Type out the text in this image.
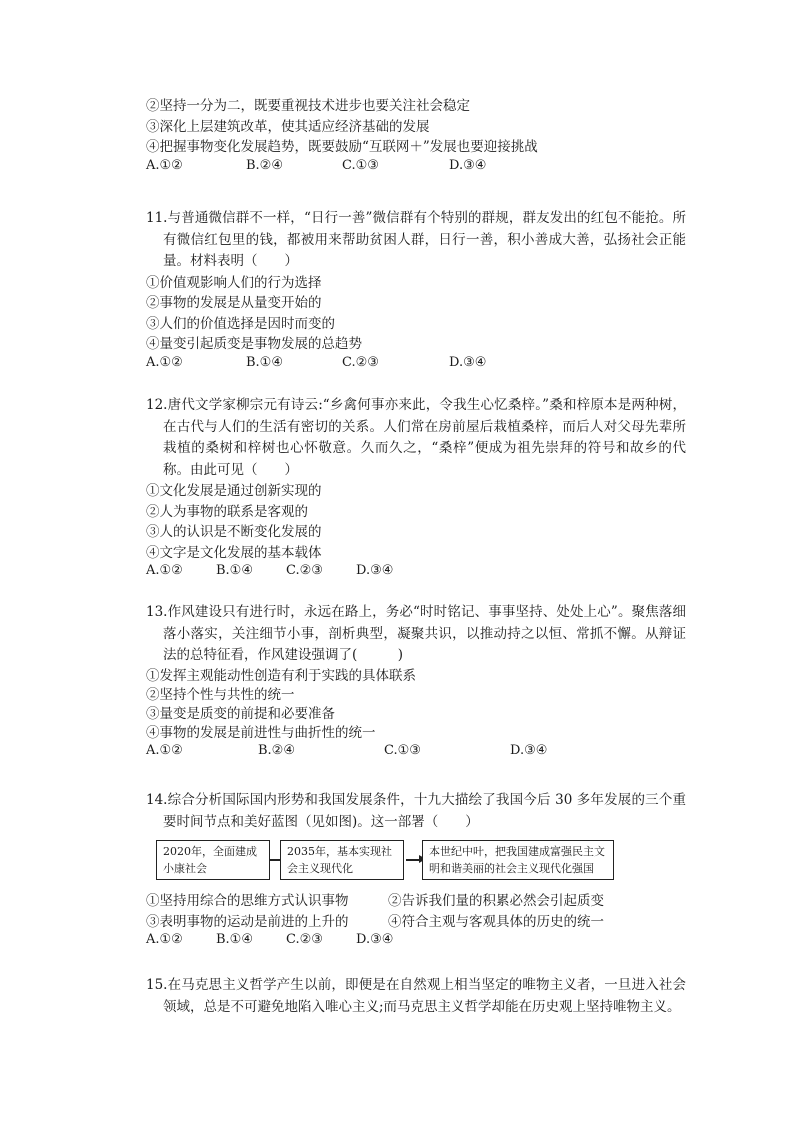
②坚持一分为二，既要重视技术进步也要关注社会稳定
③深化上层建筑改革，使其适应经济基础的发展
④把握事物变化发展趋势，既要鼓励“互联网＋”发展也要迎接挑战
A.①②	B.②④	C.①③	D.③④
11.与普通微信群不一样，“日行一善”微信群有个特别的群规，群友发出的红包不能抢。所有微信红包里的钱，都被用来帮助贫困人群，日行一善，积小善成大善，弘扬社会正能量。材料表明（　　）
①价值观影响人们的行为选择
②事物的发展是从量变开始的
③人们的价值选择是因时而变的
④量变引起质变是事物发展的总趋势
A.①②	B.①④	C.②③	D.③④
12.唐代文学家柳宗元有诗云:“乡禽何事亦来此，令我生心忆桑梓。”桑和梓原本是两种树，在古代与人们的生活有密切的关系。人们常在房前屋后栽植桑梓，而后人对父母先辈所栽植的桑树和梓树也心怀敬意。久而久之，“桑梓”便成为祖先崇拜的符号和故乡的代称。由此可见（　　）
①文化发展是通过创新实现的
②人为事物的联系是客观的
③人的认识是不断变化发展的
④文字是文化发展的基本载体
A.①②	B.①④	C.②③	D.③④
13.作风建设只有进行时，永远在路上，务必“时时铭记、事事坚持、处处上心”。聚焦落细落小落实，关注细节小事，剖析典型，凝聚共识，以推动持之以恒、常抓不懈。从辩证法的总特征看，作风建设强调了(　　　)
①发挥主观能动性创造有利于实践的具体联系
②坚持个性与共性的统一
③量变是质变的前提和必要准备
④事物的发展是前进性与曲折性的统一
A.①②	B.②④	C.①③	D.③④
14.综合分析国际国内形势和我国发展条件，十九大描绘了我国今后 30 多年发展的三个重要时间节点和美好蓝图（见如图)。这一部署（　　）
2020年，全面建成小康社会
2035年，基本实现社会主义现代化
本世纪中叶，把我国建成富强民主文明和谐美丽的社会主义现代化强国
①坚持用综合的思维方式认识事物	②告诉我们量的积累必然会引起质变
③表明事物的运动是前进的上升的	④符合主观与客观具体的历史的统一
A.①②	B.①④	C.②③	D.③④
15.在马克思主义哲学产生以前，即便是在自然观上相当坚定的唯物主义者，一旦进入社会领域，总是不可避免地陷入唯心主义;而马克思主义哲学却能在历史观上坚持唯物主义。
